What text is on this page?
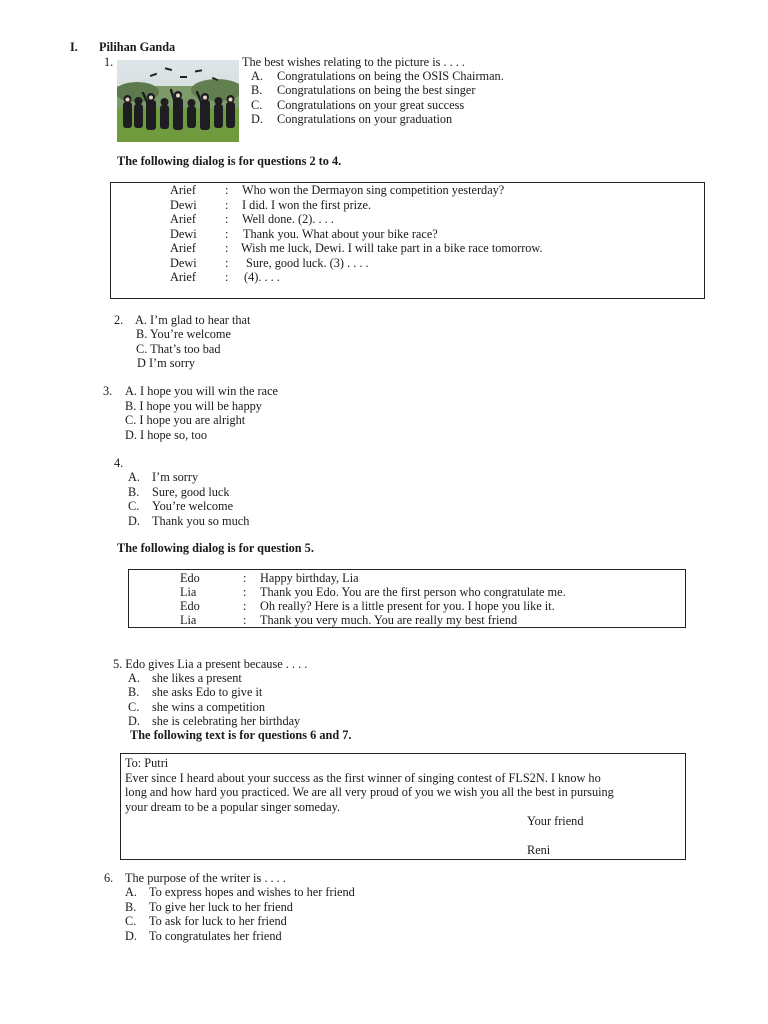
I. Pilihan Ganda
1.	The best wishes relating to the picture is . . . .
A. Congratulations on being the OSIS Chairman.
B. Congratulations on being the best singer
C. Congratulations on your great success
D. Congratulations on your graduation
The following dialog is for questions 2 to 4.
Arief : Who won the Dermayon sing competition yesterday?
Dewi : I did. I won the first prize.
Arief : Well done. (2). . . .
Dewi : Thank you. What about your bike race?
Arief : Wish me luck, Dewi. I will take part in a bike race tomorrow.
Dewi : Sure, good luck. (3) . . . .
Arief : (4). . . .
2. A. I’m glad to hear that
B. You’re welcome
C. That’s too bad
D I’m sorry
3. A. I hope you will win the race
B. I hope you will be happy
C. I hope you are alright
D. I hope so, too
4.
A. I’m sorry
B. Sure, good luck
C. You’re welcome
D. Thank you so much
The following dialog is for question 5.
Edo	: Happy birthday, Lia
Lia	: Thank you Edo. You are the first person who congratulate me.
Edo	: Oh really? Here is a little present for you. I hope you like it.
Lia	: Thank you very much. You are really my best friend
5. Edo gives Lia a present because . . . .
A. she likes a present
B. she asks Edo to give it
C. she wins a competition
D. she is celebrating her birthday
The following text is for questions 6 and 7.
To: Putri
Ever since I heard about your success as the first winner of singing contest of FLS2N. I know ho
long and how hard you practiced. We are all very proud of you we wish you all the best in pursuing
your dream to be a popular singer someday.
Your friend
Reni
6. The purpose of the writer is . . . .
A. To express hopes and wishes to her friend
B. To give her luck to her friend
C. To ask for luck to her friend
D. To congratulates her friend
